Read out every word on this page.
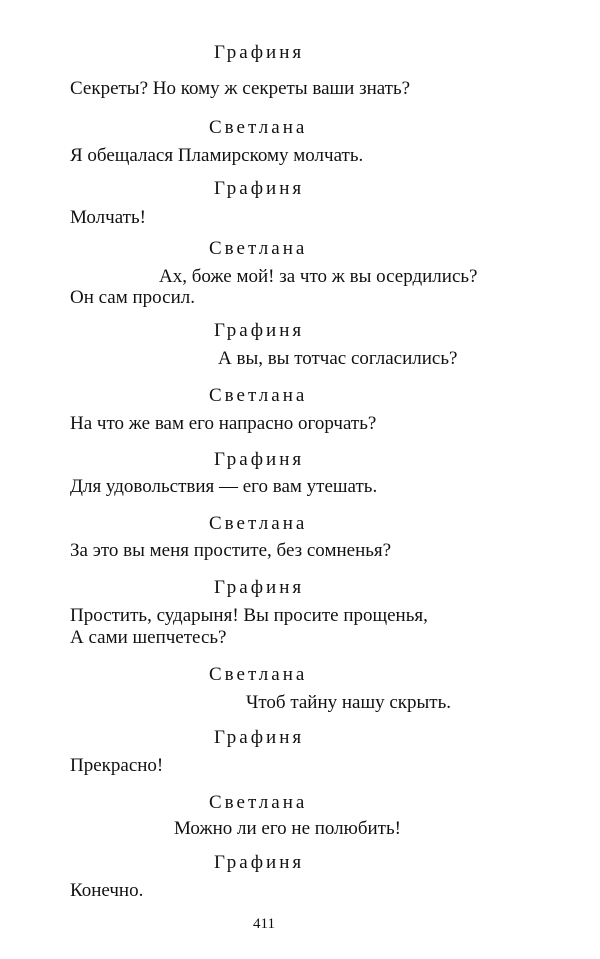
Графиня
Секреты? Но кому ж секреты ваши знать?
Светлана
Я обещалася Пламирскому молчать.
Графиня
Молчать!
Светлана
Ах, боже мой! за что ж вы осердились?
Он сам просил.
Графиня
А вы, вы тотчас согласились?
Светлана
На что же вам его напрасно огорчать?
Графиня
Для удовольствия — его вам утешать.
Светлана
За это вы меня простите, без сомненья?
Графиня
Простить, сударыня! Вы просите прощенья,
А сами шепчетесь?
Светлана
Чтоб тайну нашу скрыть.
Графиня
Прекрасно!
Светлана
Можно ли его не полюбить!
Графиня
Конечно.
411
